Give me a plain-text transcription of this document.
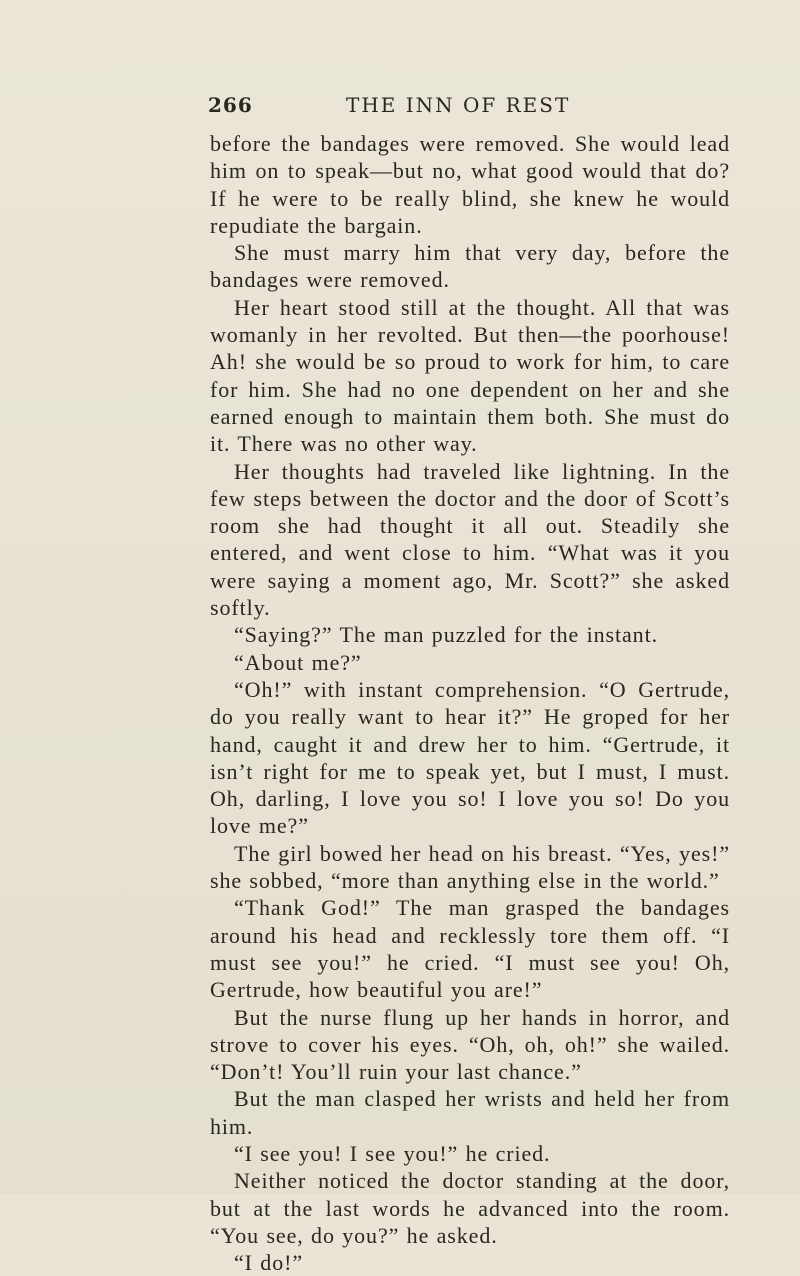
266	THE INN OF REST

before the bandages were removed. She would lead him on to speak—but no, what good would that do? If he were to be really blind, she knew he would repudiate the bargain.

She must marry him that very day, before the bandages were removed.

Her heart stood still at the thought. All that was womanly in her revolted. But then—the poorhouse! Ah! she would be so proud to work for him, to care for him. She had no one dependent on her and she earned enough to maintain them both. She must do it. There was no other way.

Her thoughts had traveled like lightning. In the few steps between the doctor and the door of Scott’s room she had thought it all out. Steadily she entered, and went close to him. “What was it you were saying a moment ago, Mr. Scott?” she asked softly.

“Saying?” The man puzzled for the instant.

“About me?”

“Oh!” with instant comprehension. “O Gertrude, do you really want to hear it?” He groped for her hand, caught it and drew her to him. “Gertrude, it isn’t right for me to speak yet, but I must, I must. Oh, darling, I love you so! I love you so! Do you love me?”

The girl bowed her head on his breast. “Yes, yes!” she sobbed, “more than anything else in the world.”

“Thank God!” The man grasped the bandages around his head and recklessly tore them off. “I must see you!” he cried. “I must see you! Oh, Gertrude, how beautiful you are!”

But the nurse flung up her hands in horror, and strove to cover his eyes. “Oh, oh, oh!” she wailed. “Don’t! You’ll ruin your last chance.”

But the man clasped her wrists and held her from him.

“I see you! I see you!” he cried.

Neither noticed the doctor standing at the door, but at the last words he advanced into the room. “You see, do you?” he asked.

“I do!”
